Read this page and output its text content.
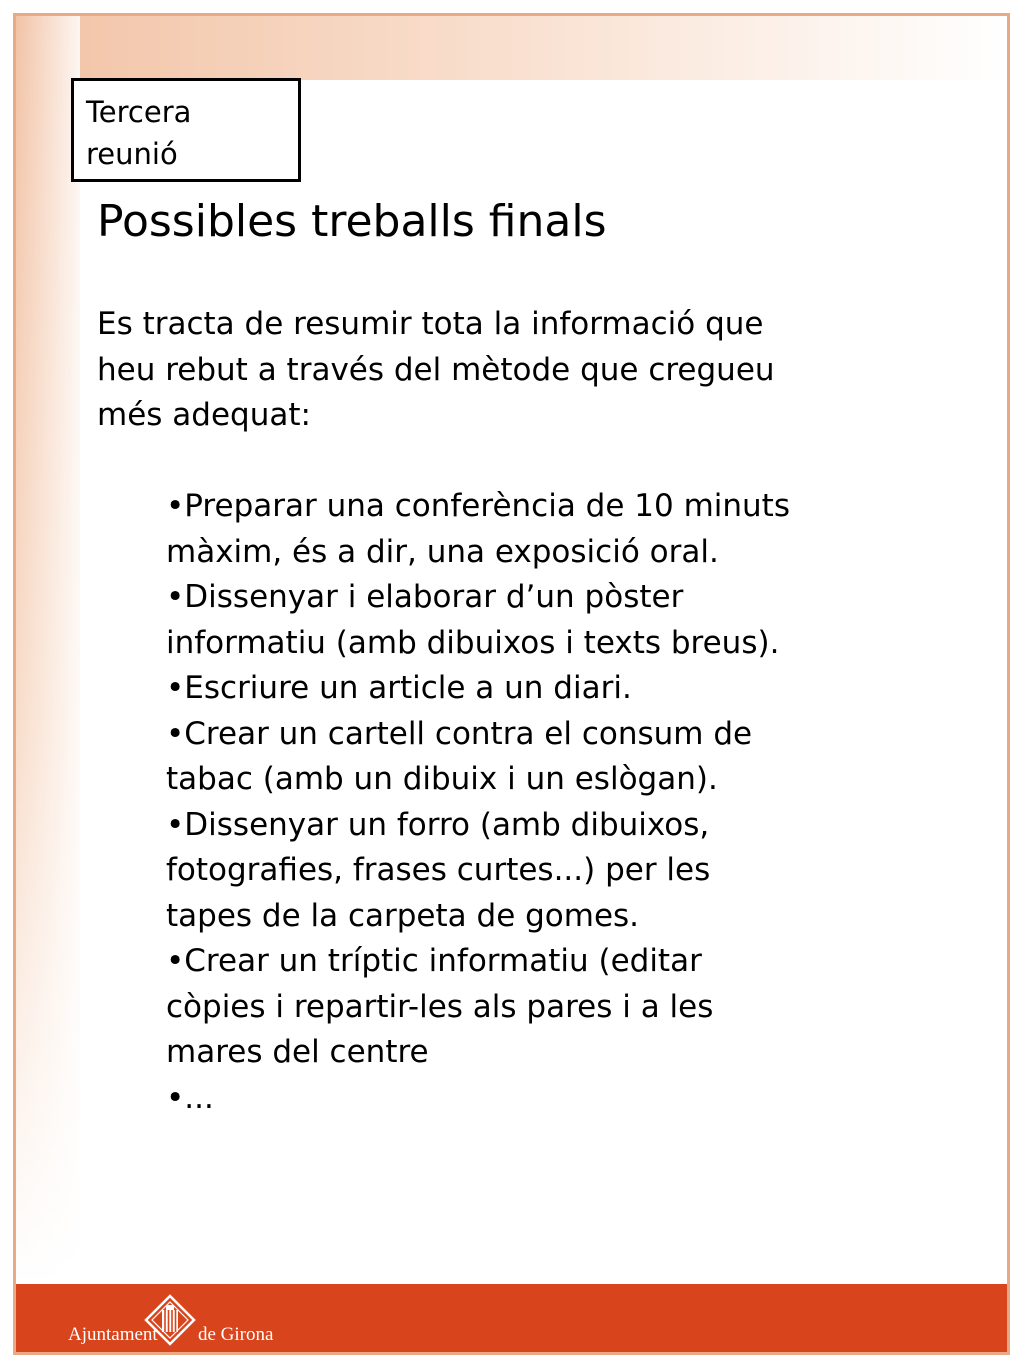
Tercera
reunió
Possibles treballs finals
Es tracta de resumir tota la informació que heu rebut a través del mètode que cregueu més adequat:
•Preparar una conferència de 10 minuts màxim, és a dir, una exposició oral.
•Dissenyar i elaborar d’un pòster informatiu (amb dibuixos i texts breus).
•Escriure un article a un diari.
•Crear un cartell contra el consum de tabac (amb un dibuix i un eslògan).
•Dissenyar un forro (amb dibuixos, fotografies, frases curtes...) per les tapes de la carpeta de gomes.
•Crear un tríptic informatiu (editar còpies i repartir-les als pares i a les mares del centre
•...
Ajuntament de Girona
